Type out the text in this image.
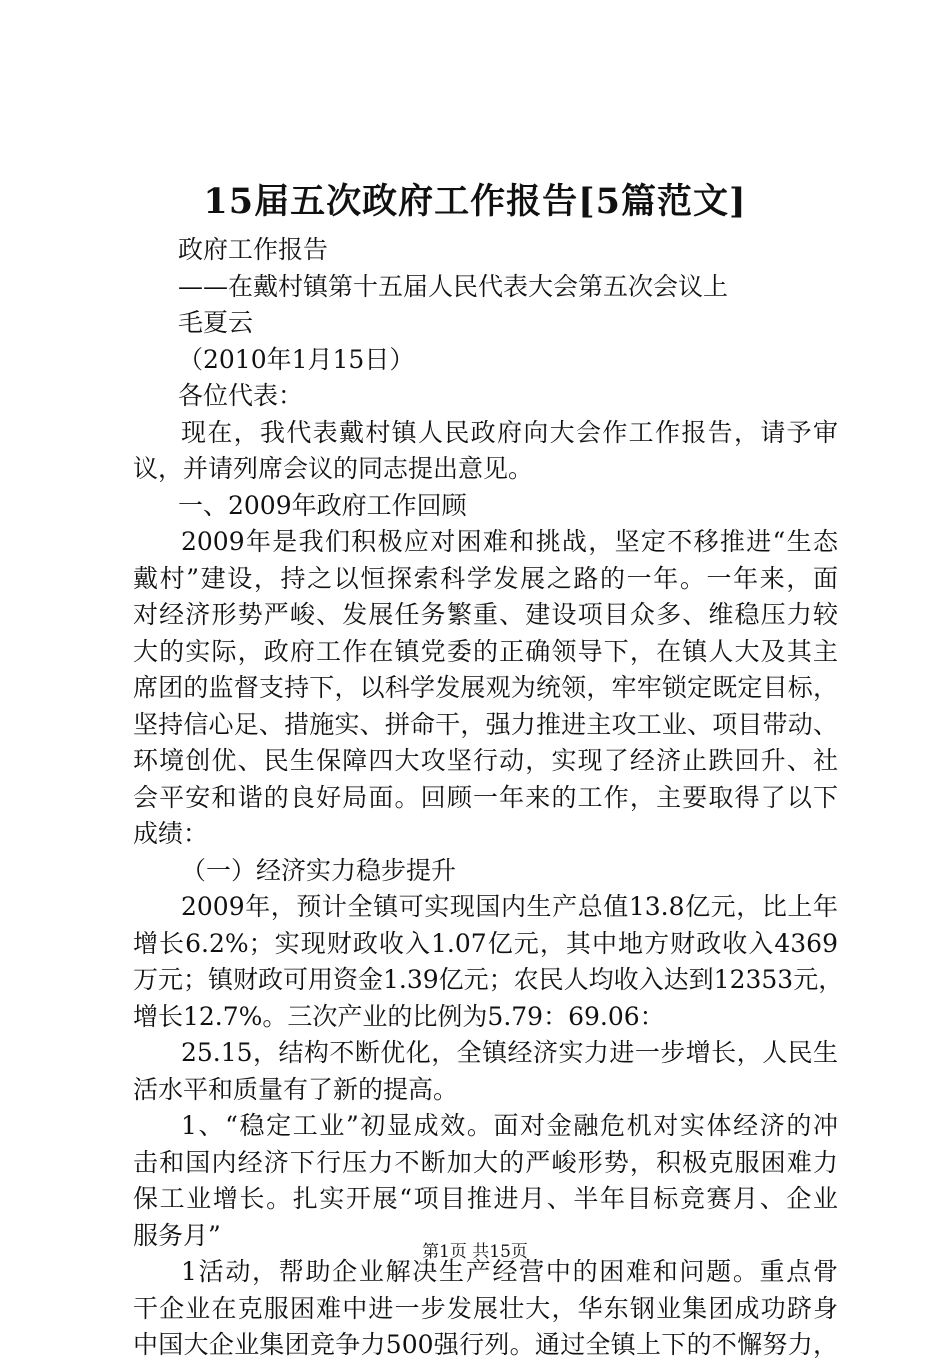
15届五次政府工作报告[5篇范文]
政府工作报告
——在戴村镇第十五届人民代表大会第五次会议上
毛夏云
（2010年1月15日）
各位代表：
现在，我代表戴村镇人民政府向大会作工作报告，请予审
议，并请列席会议的同志提出意见。
一、2009年政府工作回顾
2009年是我们积极应对困难和挑战，坚定不移推进“生态
戴村”建设，持之以恒探索科学发展之路的一年。一年来，面
对经济形势严峻、发展任务繁重、建设项目众多、维稳压力较
大的实际，政府工作在镇党委的正确领导下，在镇人大及其主
席团的监督支持下，以科学发展观为统领，牢牢锁定既定目标，
坚持信心足、措施实、拼命干，强力推进主攻工业、项目带动、
环境创优、民生保障四大攻坚行动，实现了经济止跌回升、社
会平安和谐的良好局面。回顾一年来的工作，主要取得了以下
成绩：
（一）经济实力稳步提升
2009年，预计全镇可实现国内生产总值13.8亿元，比上年
增长6.2%；实现财政收入1.07亿元，其中地方财政收入4369
万元；镇财政可用资金1.39亿元；农民人均收入达到12353元，
增长12.7%。三次产业的比例为5.79：69.06：
25.15，结构不断优化，全镇经济实力进一步增长，人民生
活水平和质量有了新的提高。
1、“稳定工业”初显成效。面对金融危机对实体经济的冲
击和国内经济下行压力不断加大的严峻形势，积极克服困难力
保工业增长。扎实开展“项目推进月、半年目标竞赛月、企业
服务月”
1活动，帮助企业解决生产经营中的困难和问题。重点骨
干企业在克服困难中进一步发展壮大，华东钢业集团成功跻身
中国大企业集团竞争力500强行列。通过全镇上下的不懈努力，
第1页 共15页
